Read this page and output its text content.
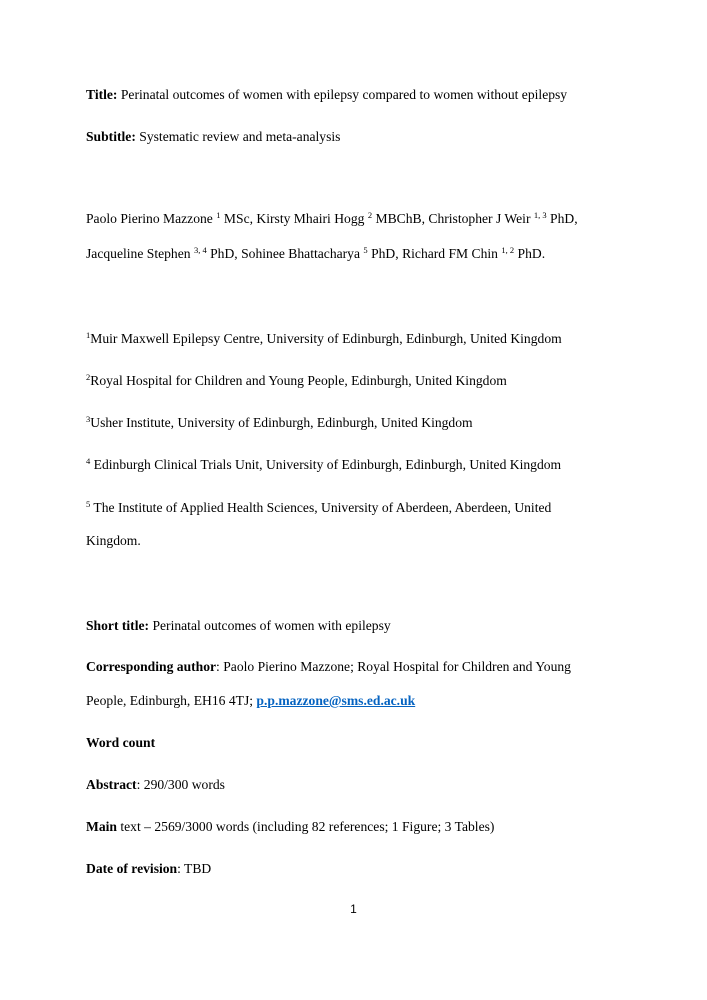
Title: Perinatal outcomes of women with epilepsy compared to women without epilepsy
Subtitle: Systematic review and meta-analysis
Paolo Pierino Mazzone $^1$ MSc, Kirsty Mhairi Hogg $^2$ MBChB, Christopher J Weir $^{1, 3}$ PhD,
Jacqueline Stephen $^{3, 4}$ PhD, Sohinee Bhattacharya $^5$ PhD, Richard FM Chin $^{1, 2}$ PhD.
$^1$Muir Maxwell Epilepsy Centre, University of Edinburgh, Edinburgh, United Kingdom
$^2$Royal Hospital for Children and Young People, Edinburgh, United Kingdom
$^3$Usher Institute, University of Edinburgh, Edinburgh, United Kingdom
$^4$ Edinburgh Clinical Trials Unit, University of Edinburgh, Edinburgh, United Kingdom
$^5$ The Institute of Applied Health Sciences, University of Aberdeen, Aberdeen, United
Kingdom.
Short title: Perinatal outcomes of women with epilepsy
Corresponding author: Paolo Pierino Mazzone; Royal Hospital for Children and Young
People, Edinburgh, EH16 4TJ; p.p.mazzone@sms.ed.ac.uk
Word count
Abstract: 290/300 words
Main text – 2569/3000 words (including 82 references; 1 Figure; 3 Tables)
Date of revision: TBD
1
